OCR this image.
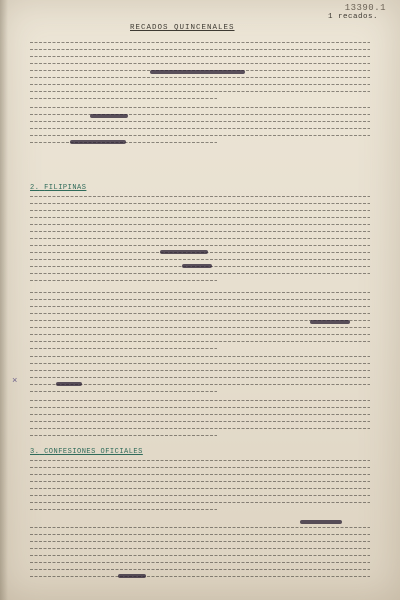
13390.1
1 recados.
RECADOS QUINCENALES
2. FILIPINAS
×
3. CONFESIONES OFICIALES
